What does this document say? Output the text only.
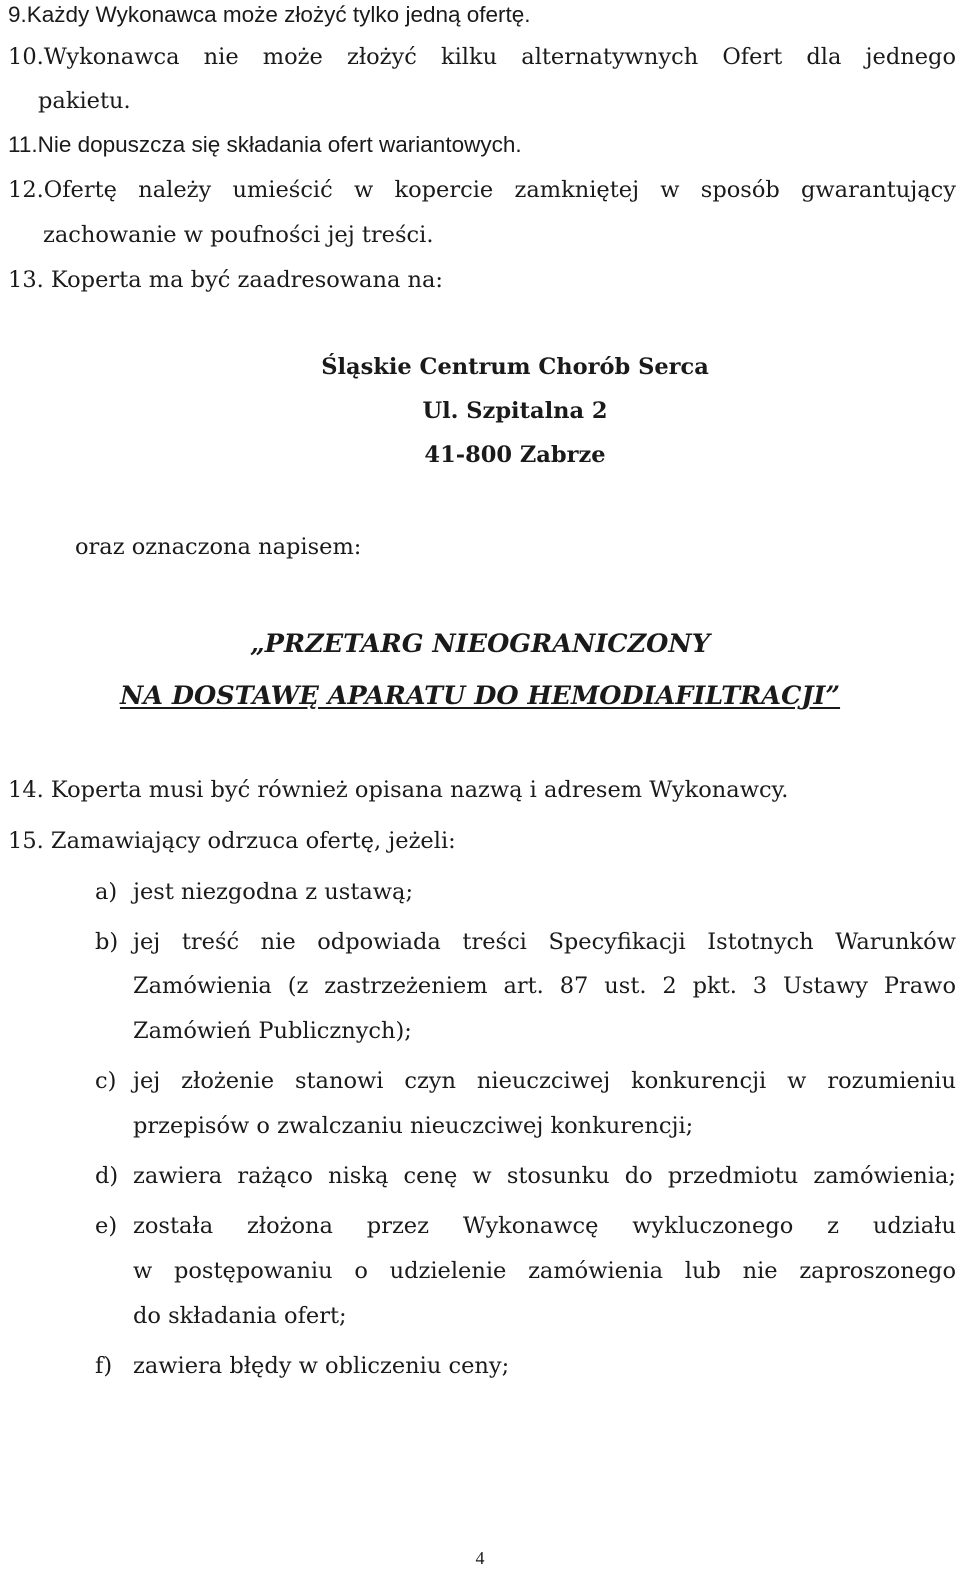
9.Każdy Wykonawca może złożyć tylko jedną ofertę.
10.Wykonawca nie może złożyć kilku alternatywnych Ofert dla jednego
pakietu.
11.Nie dopuszcza się składania ofert wariantowych.
12.Ofertę należy umieścić w kopercie zamkniętej w sposób gwarantujący
zachowanie w poufności jej treści.
13. Koperta ma być zaadresowana na:
Śląskie Centrum Chorób Serca
Ul. Szpitalna 2
41-800 Zabrze
oraz oznaczona napisem:
„PRZETARG NIEOGRANICZONY
NA DOSTAWĘ APARATU DO HEMODIAFILTRACJI”
14. Koperta musi być również opisana nazwą i adresem Wykonawcy.
15. Zamawiający odrzuca ofertę, jeżeli:
a) jest niezgodna z ustawą;
b) jej treść nie odpowiada treści Specyfikacji Istotnych Warunków
Zamówienia (z zastrzeżeniem art. 87 ust. 2 pkt. 3 Ustawy Prawo
Zamówień Publicznych);
c) jej złożenie stanowi czyn nieuczciwej konkurencji w rozumieniu
przepisów o zwalczaniu nieuczciwej konkurencji;
d) zawiera rażąco niską cenę w stosunku do przedmiotu zamówienia;
e) została złożona przez Wykonawcę wykluczonego z udziału
w postępowaniu o udzielenie zamówienia lub nie zaproszonego
do składania ofert;
f) zawiera błędy w obliczeniu ceny;
4
